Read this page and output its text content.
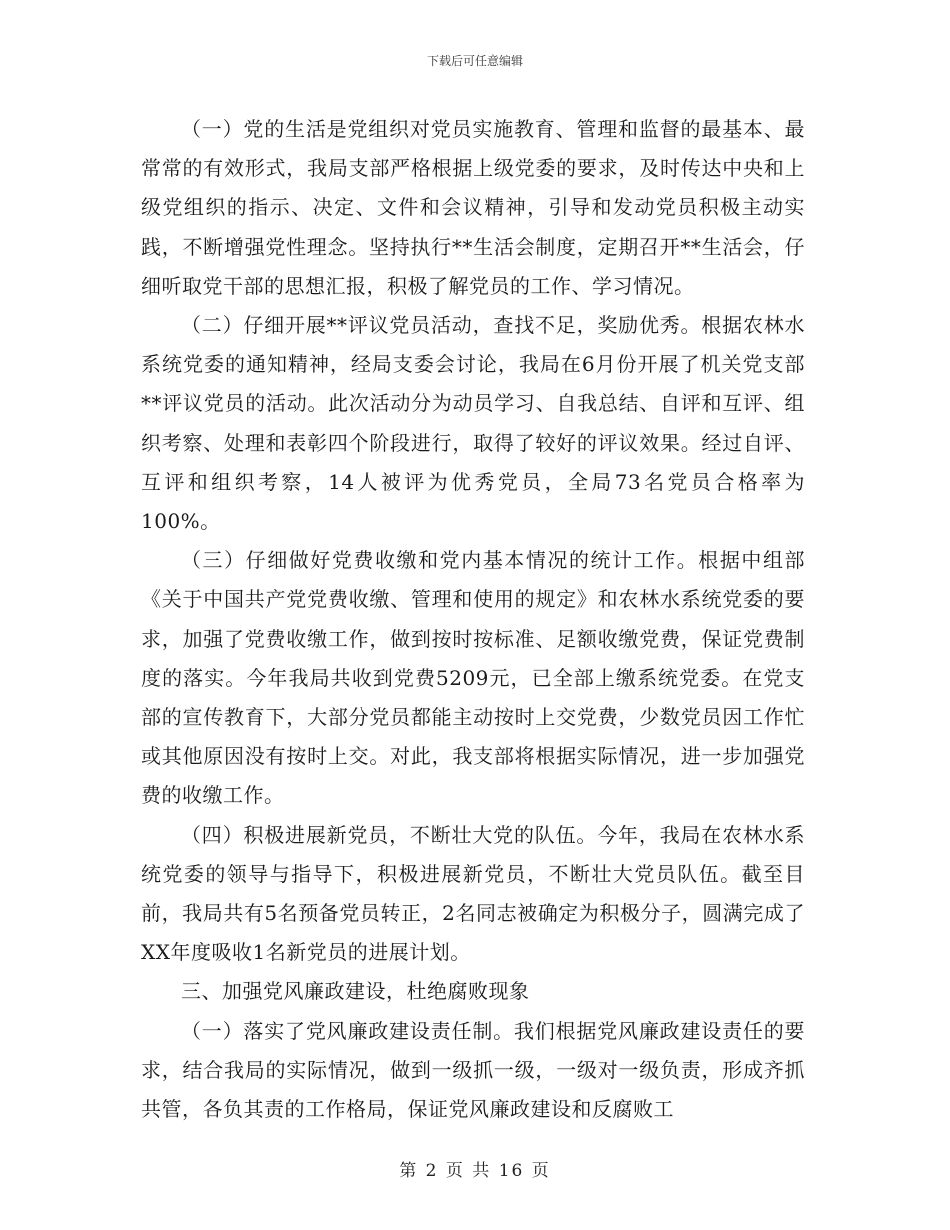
下载后可任意编辑

（一）党的生活是党组织对党员实施教育、管理和监督的最基本、最常常的有效形式，我局支部严格根据上级党委的要求，及时传达中央和上级党组织的指示、决定、文件和会议精神，引导和发动党员积极主动实践，不断增强党性理念。坚持执行**生活会制度，定期召开**生活会，仔细听取党干部的思想汇报，积极了解党员的工作、学习情况。

（二）仔细开展**评议党员活动，查找不足，奖励优秀。根据农林水系统党委的通知精神，经局支委会讨论，我局在6月份开展了机关党支部**评议党员的活动。此次活动分为动员学习、自我总结、自评和互评、组织考察、处理和表彰四个阶段进行，取得了较好的评议效果。经过自评、互评和组织考察，14人被评为优秀党员，全局73名党员合格率为100%。

（三）仔细做好党费收缴和党内基本情况的统计工作。根据中组部《关于中国共产党党费收缴、管理和使用的规定》和农林水系统党委的要求，加强了党费收缴工作，做到按时按标准、足额收缴党费，保证党费制度的落实。今年我局共收到党费5209元，已全部上缴系统党委。在党支部的宣传教育下，大部分党员都能主动按时上交党费，少数党员因工作忙或其他原因没有按时上交。对此，我支部将根据实际情况，进一步加强党费的收缴工作。

（四）积极进展新党员，不断壮大党的队伍。今年，我局在农林水系统党委的领导与指导下，积极进展新党员，不断壮大党员队伍。截至目前，我局共有5名预备党员转正，2名同志被确定为积极分子，圆满完成了XX年度吸收1名新党员的进展计划。

三、加强党风廉政建设，杜绝腐败现象

（一）落实了党风廉政建设责任制。我们根据党风廉政建设责任的要求，结合我局的实际情况，做到一级抓一级，一级对一级负责，形成齐抓共管，各负其责的工作格局，保证党风廉政建设和反腐败工

第 2 页 共 16 页
